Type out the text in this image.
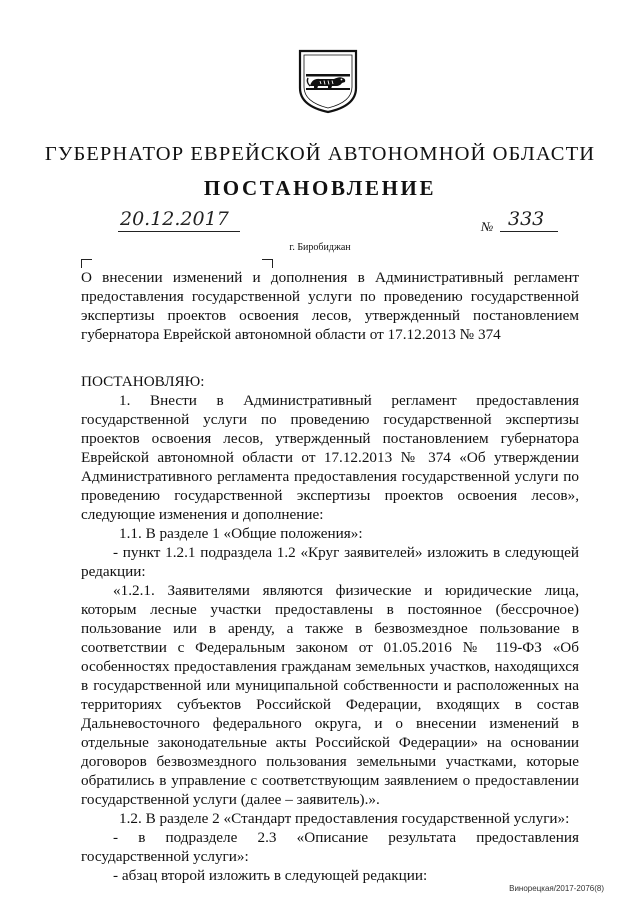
ГУБЕРНАТОР ЕВРЕЙСКОЙ АВТОНОМНОЙ ОБЛАСТИ
ПОСТАНОВЛЕНИЕ
20.12.2017	№ 333
г. Биробиджан
О внесении изменений и дополнения в Административный регламент предоставления государственной услуги по проведению государственной экспертизы проектов освоения лесов, утвержденный постановлением губернатора Еврейской автономной области от 17.12.2013 № 374

ПОСТАНОВЛЯЮ:

1. Внести в Административный регламент предоставления государственной услуги по проведению государственной экспертизы проектов освоения лесов, утвержденный постановлением губернатора Еврейской автономной области от 17.12.2013 № 374 «Об утверждении Административного регламента предоставления государственной услуги по проведению государственной экспертизы проектов освоения лесов», следующие изменения и дополнение:

1.1. В разделе 1 «Общие положения»:

- пункт 1.2.1 подраздела 1.2 «Круг заявителей» изложить в следующей редакции:

«1.2.1. Заявителями являются физические и юридические лица, которым лесные участки предоставлены в постоянное (бессрочное) пользование или в аренду, а также в безвозмездное пользование в соответствии с Федеральным законом от 01.05.2016 № 119-ФЗ «Об особенностях предоставления гражданам земельных участков, находящихся в государственной или муниципальной собственности и расположенных на территориях субъектов Российской Федерации, входящих в состав Дальневосточного федерального округа, и о внесении изменений в отдельные законодательные акты Российской Федерации» на основании договоров безвозмездного пользования земельными участками, которые обратились в управление с соответствующим заявлением о предоставлении государственной услуги (далее – заявитель).».

1.2. В разделе 2 «Стандарт предоставления государственной услуги»:

- в подразделе 2.3 «Описание результата предоставления государственной услуги»:

- абзац второй изложить в следующей редакции:

Винорецкая/2017-2076(8)
